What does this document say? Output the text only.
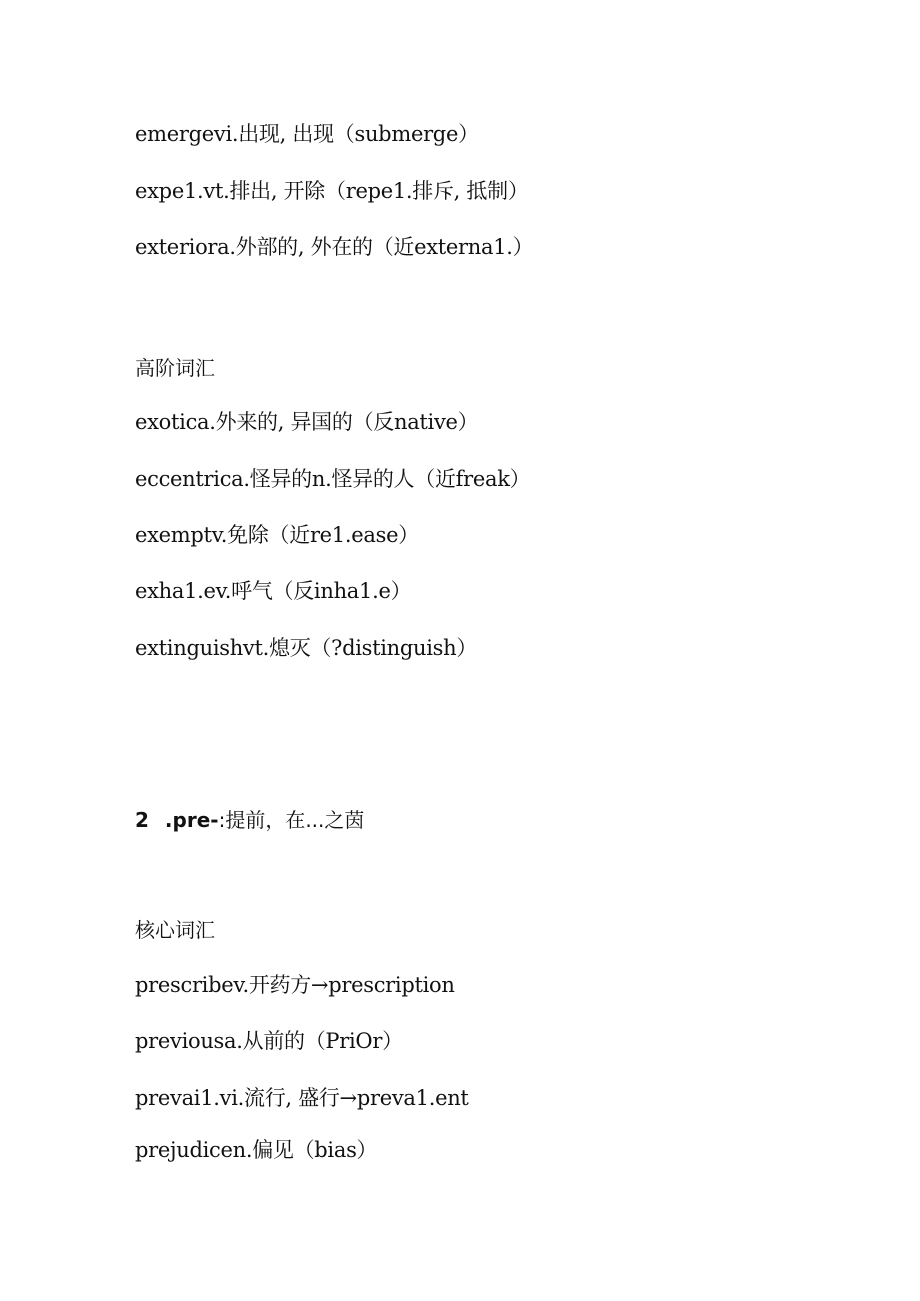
emergevi.出现, 出现（submerge）
expe1.vt.排出, 开除（repe1.排斥, 抵制）
exteriora.外部的, 外在的（近externa1.）
高阶词汇
exotica.外来的, 异国的（反native）
eccentrica.怪异的n.怪异的人（近freak）
exemptv.免除（近re1.ease）
exha1.ev.呼气（反inha1.e）
extinguishvt.熄灭（?distinguish）
2 .pre-:提前，在...之茵
核心词汇
prescribev.开药方→prescription
previousa.从前的（PriOr）
prevai1.vi.流行, 盛行→preva1.ent
prejudicen.偏见（bias）
